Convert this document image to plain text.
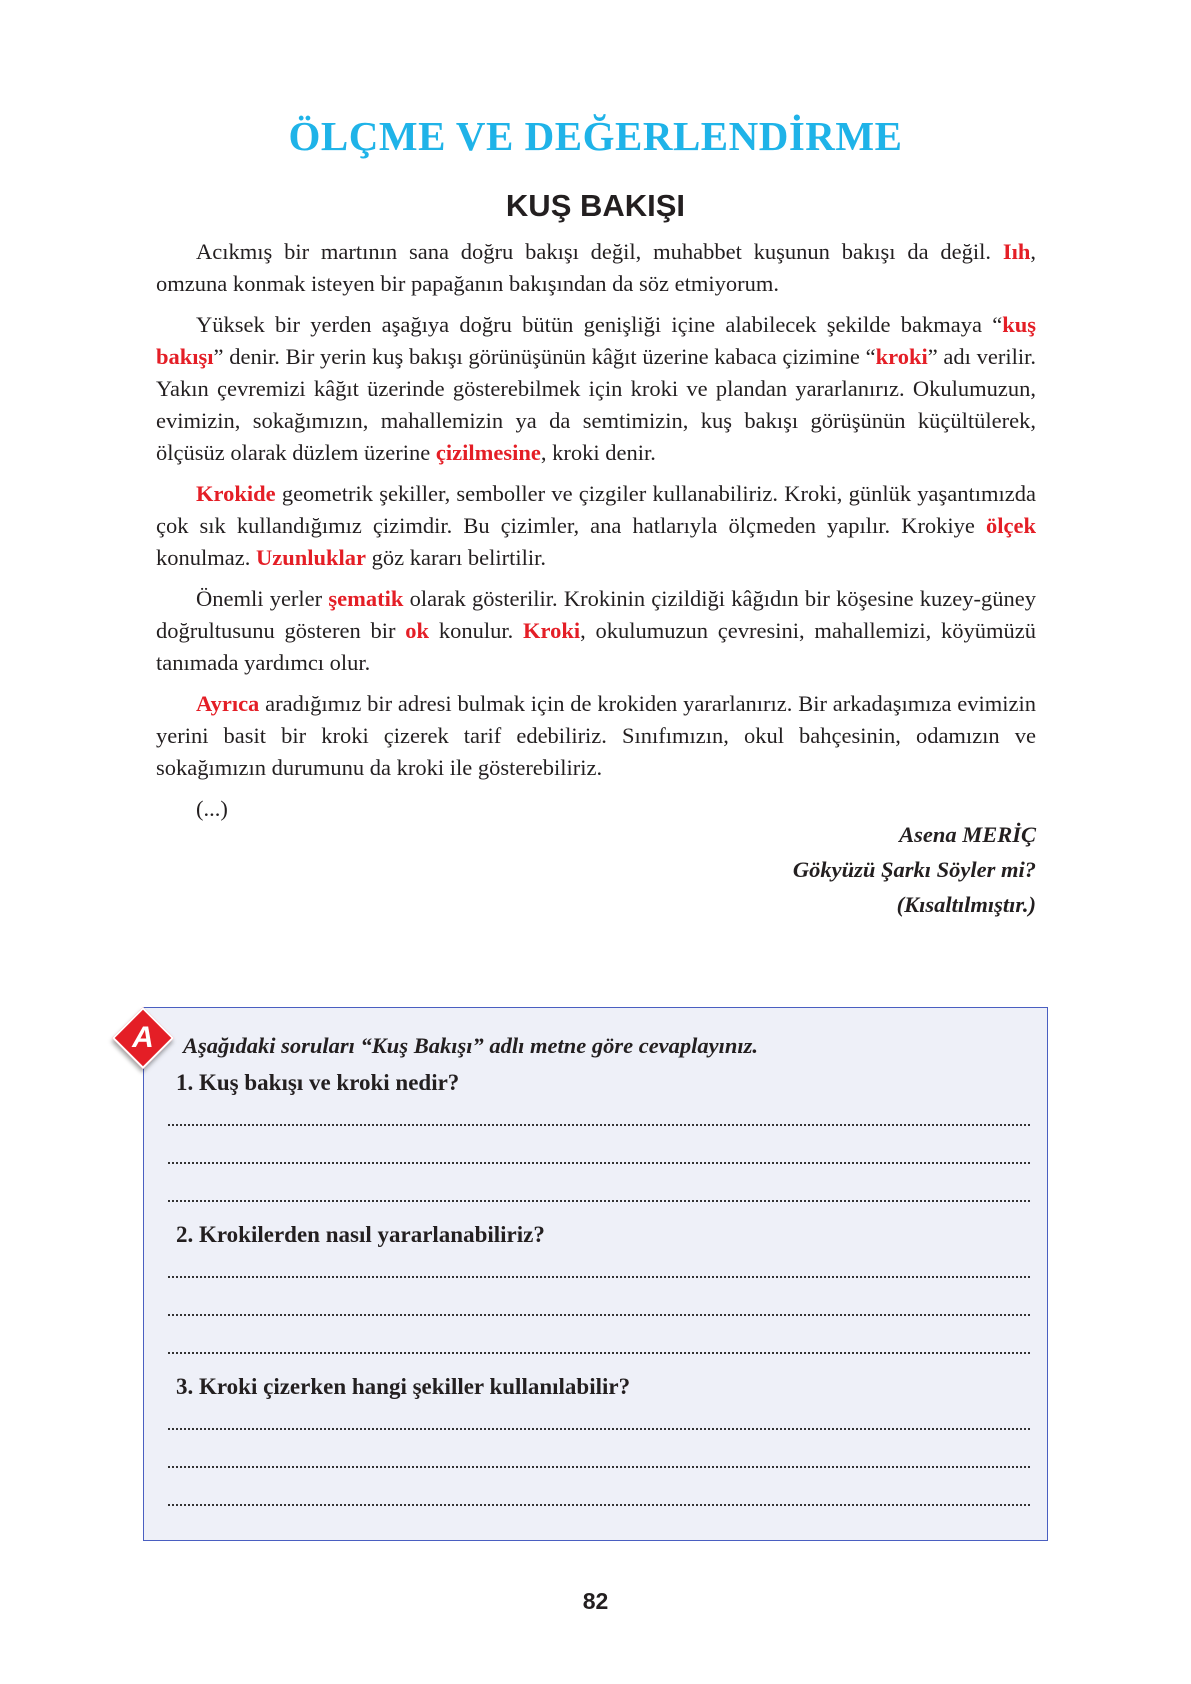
ÖLÇME VE DEĞERLENDİRME
KUŞ BAKIŞI

Acıkmış bir martının sana doğru bakışı değil, muhabbet kuşunun bakışı da değil. Iıh, omzuna konmak isteyen bir papağanın bakışından da söz etmiyorum.

Yüksek bir yerden aşağıya doğru bütün genişliği içine alabilecek şekilde bakmaya “kuş bakışı” denir. Bir yerin kuş bakışı görünüşünün kâğıt üzerine kabaca çizimine “kroki” adı verilir. Yakın çevremizi kâğıt üzerinde gösterebilmek için kroki ve plandan yararlanırız. Okulumuzun, evimizin, sokağımızın, mahallemizin ya da semtimizin, kuş bakışı görüşünün küçültülerek, ölçüsüz olarak düzlem üzerine çizilmesine, kroki denir.

Krokide geometrik şekiller, semboller ve çizgiler kullanabiliriz. Kroki, günlük yaşantımızda çok sık kullandığımız çizimdir. Bu çizimler, ana hatlarıyla ölçmeden yapılır. Krokiye ölçek konulmaz. Uzunluklar göz kararı belirtilir.

Önemli yerler şematik olarak gösterilir. Krokinin çizildiği kâğıdın bir köşesine kuzey-güney doğrultusunu gösteren bir ok konulur. Kroki, okulumuzun çevresini, mahallemizi, köyümüzü tanımada yardımcı olur.

Ayrıca aradığımız bir adresi bulmak için de krokiden yararlanırız. Bir arkadaşımıza evimizin yerini basit bir kroki çizerek tarif edebiliriz. Sınıfımızın, okul bahçesinin, odamızın ve sokağımızın durumunu da kroki ile gösterebiliriz.

(...)

Asena MERİÇ
Gökyüzü Şarkı Söyler mi?
(Kısaltılmıştır.)
A	Aşağıdaki soruları “Kuş Bakışı” adlı metne göre cevaplayınız.
1. Kuş bakışı ve kroki nedir?
2. Krokilerden nasıl yararlanabiliriz?
3. Kroki çizerken hangi şekiller kullanılabilir?
82
